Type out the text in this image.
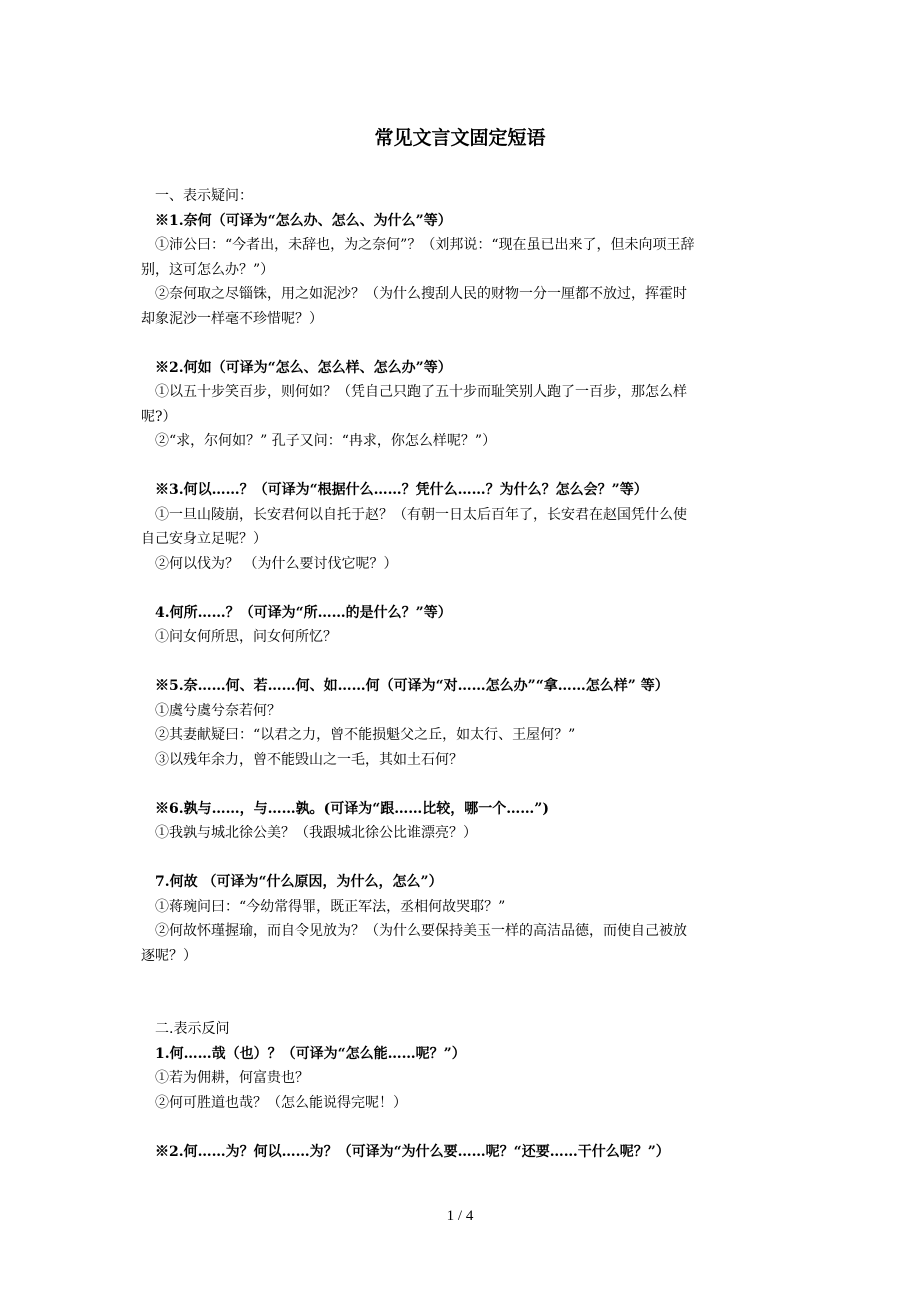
常见文言文固定短语
一、表示疑问：
※1.奈何（可译为“怎么办、怎么、为什么”等）
①沛公曰：“今者出，未辞也，为之奈何”？（刘邦说：“现在虽已出来了，但未向项王辞
别，这可怎么办？”）
②奈何取之尽锱铢，用之如泥沙？（为什么搜刮人民的财物一分一厘都不放过，挥霍时
却象泥沙一样毫不珍惜呢？）
※2.何如（可译为“怎么、怎么样、怎么办”等）
①以五十步笑百步，则何如？（凭自己只跑了五十步而耻笑别人跑了一百步，那怎么样
呢?）
②“求，尔何如？” 孔子又问：“冉求，你怎么样呢？”）
※3.何以……？（可译为“根据什么……？凭什么……？为什么？怎么会？”等）
①一旦山陵崩，长安君何以自托于赵？（有朝一日太后百年了，长安君在赵国凭什么使
自己安身立足呢？）
②何以伐为？ （为什么要讨伐它呢？）
4.何所……？（可译为“所……的是什么？”等）
①问女何所思，问女何所忆？
※5.奈……何、若……何、如……何（可译为“对……怎么办”“拿……怎么样” 等）
①虞兮虞兮奈若何？
②其妻献疑曰：“以君之力，曾不能损魁父之丘，如太行、王屋何？”
③以残年余力，曾不能毁山之一毛，其如土石何？
※6.孰与……，与……孰。(可译为“跟……比较，哪一个……”)
①我孰与城北徐公美？（我跟城北徐公比谁漂亮？）
7.何故 （可译为“什么原因，为什么，怎么”）
①蒋琬问曰：“今幼常得罪，既正军法，丞相何故哭耶？”
②何故怀瑾握瑜，而自令见放为？（为什么要保持美玉一样的高洁品德，而使自己被放
逐呢？）
二.表示反问
1.何……哉（也）？（可译为“怎么能……呢？”）
①若为佣耕，何富贵也？
②何可胜道也哉？（怎么能说得完呢！）
※2.何……为？何以……为？（可译为“为什么要……呢？“还要……干什么呢？”）
1 / 4
